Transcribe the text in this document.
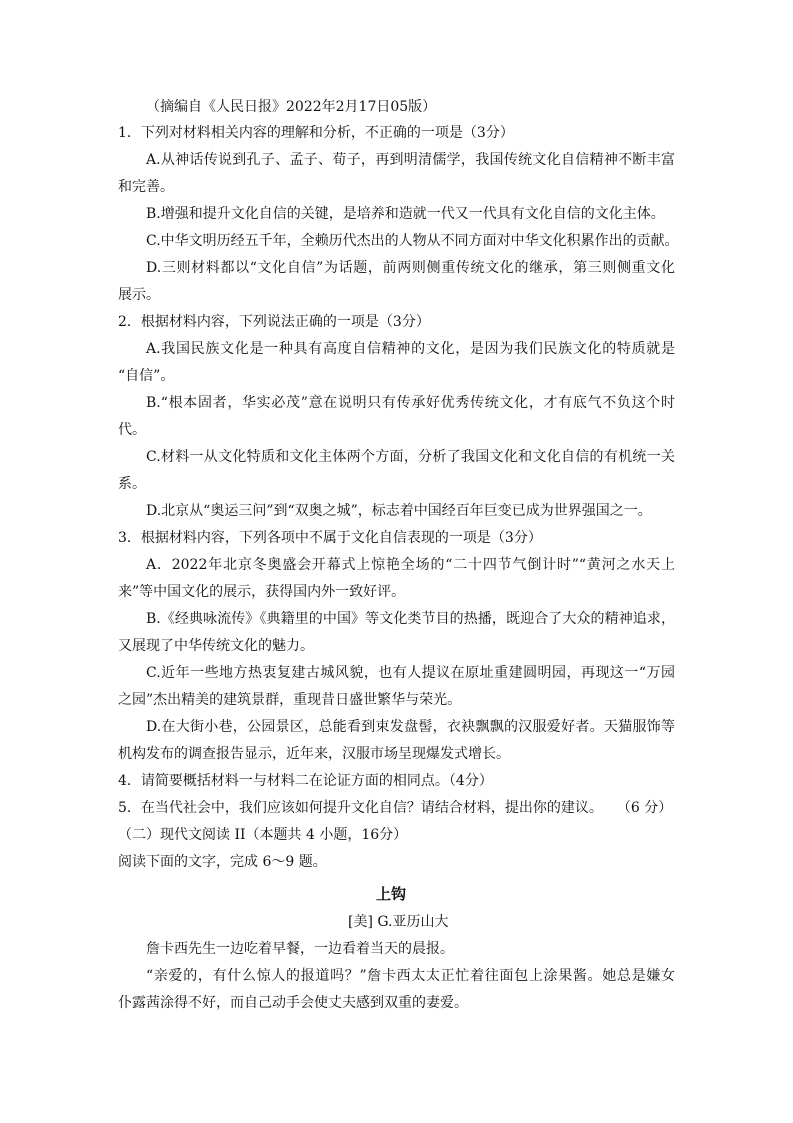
（摘编自《人民日报》2022年2月17日05版）
1．下列对材料相关内容的理解和分析，不正确的一项是（3分）
A.从神话传说到孔子、孟子、荀子，再到明清儒学，我国传统文化自信精神不断丰富
和完善。
B.增强和提升文化自信的关键，是培养和造就一代又一代具有文化自信的文化主体。
C.中华文明历经五千年，全赖历代杰出的人物从不同方面对中华文化积累作出的贡献。
D.三则材料都以“文化自信”为话题，前两则侧重传统文化的继承，第三则侧重文化
展示。
2．根据材料内容，下列说法正确的一项是（3分）
A.我国民族文化是一种具有高度自信精神的文化，是因为我们民族文化的特质就是
“自信”。
B.“根本固者，华实必茂”意在说明只有传承好优秀传统文化，才有底气不负这个时
代。
C.材料一从文化特质和文化主体两个方面，分析了我国文化和文化自信的有机统一关
系。
D.北京从“奥运三问”到“双奥之城”，标志着中国经百年巨变已成为世界强国之一。
3．根据材料内容，下列各项中不属于文化自信表现的一项是（3分）
A．2022年北京冬奥盛会开幕式上惊艳全场的“二十四节气倒计时”“黄河之水天上
来”等中国文化的展示，获得国内外一致好评。
B.《经典咏流传》《典籍里的中国》等文化类节目的热播，既迎合了大众的精神追求，
又展现了中华传统文化的魅力。
C.近年一些地方热衷复建古城风貌，也有人提议在原址重建圆明园，再现这一“万园
之园”杰出精美的建筑景群，重现昔日盛世繁华与荣光。
D.在大街小巷，公园景区，总能看到束发盘髻，衣袂飘飘的汉服爱好者。天猫服饰等
机构发布的调查报告显示，近年来，汉服市场呈现爆发式增长。
4．请简要概括材料一与材料二在论证方面的相同点。（4分）
5．在当代社会中，我们应该如何提升文化自信？请结合材料，提出你的建议。　　（6 分）
（二）现代文阅读 II（本题共 4 小题，16分）
阅读下面的文字，完成 6～9 题。
上钩
[美] G.亚历山大
詹卡西先生一边吃着早餐，一边看着当天的晨报。
“亲爱的，有什么惊人的报道吗？”詹卡西太太正忙着往面包上涂果酱。她总是嫌女
仆露茜涂得不好，而自己动手会使丈夫感到双重的妻爱。
